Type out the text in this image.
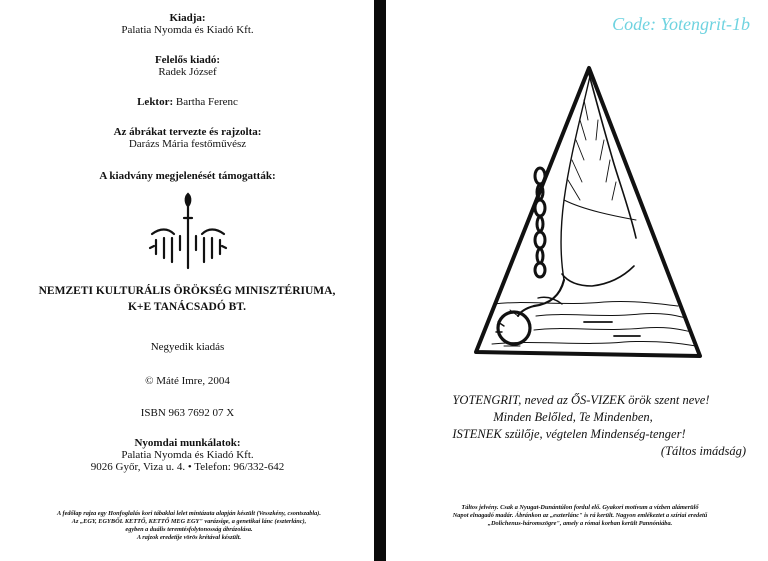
Kiadja:
Palatia Nyomda és Kiadó Kft.
Felelős kiadó:
Radek József
Lektor: Bartha Ferenc
Az ábrákat tervezte és rajzolta:
Darázs Mária festőművész
A kiadvány megjelenését támogatták:
NEMZETI KULTURÁLIS ÖRÖKSÉG MINISZTÉRIUMA,
K+E TANÁCSADÓ BT.
Negyedik kiadás
© Máté Imre, 2004
ISBN 963 7692 07 X
Nyomdai munkálatok:
Palatia Nyomda és Kiadó Kft.
9026 Győr, Viza u. 4. • Telefon: 96/332-642
A fedőlap rajza egy Honfoglalás kori tábaklai lelet mintázata alapján készült (Vesszkény, csontszabla).
Az „EGY, EGYBŐL KETTŐ, KETTŐ MEG EGY" varázsige, a genetikai lánc (eszterlánc),
egyben a duális teremtésfolytonosság ábrázolása.
A rajzok eredetije vörös krétával készült.
Code: Yotengrit-1b
YOTENGRIT, neved az ŐS-VIZEK örök szent neve!
Minden Belőled, Te Mindenben,
ISTENEK szülője, végtelen Mindenség-tenger!
(Táltos imádság)
Táltos jelvény. Csak a Nyugat-Dunántúlon fordul elő. Gyakori motívum a vízben alámerülő
Napot elnagadó madár. Ábránkon az „eszterlánc" is rá került. Nagyon emlékeztet a szíriai eredetű
„Dolichenus-háromszögre", amely a római korban került Pannóniába.
